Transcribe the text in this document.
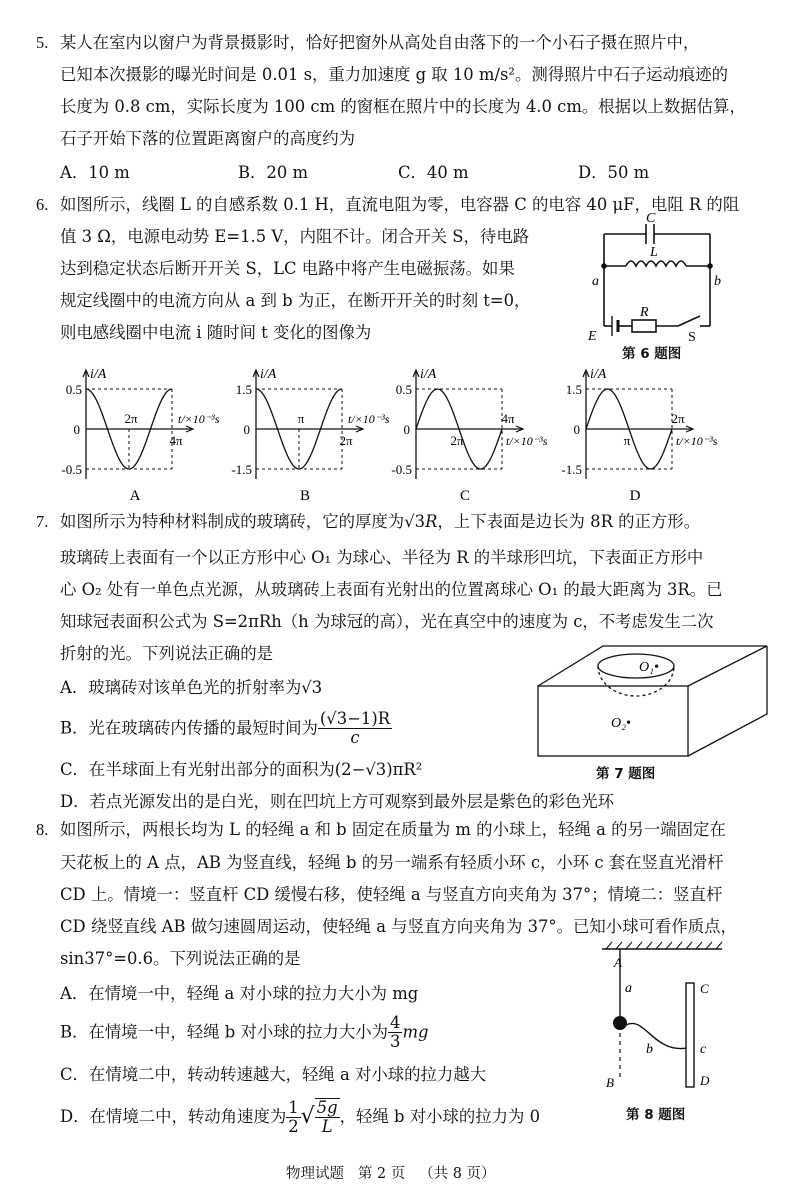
5. 某人在室内以窗户为背景摄影时，恰好把窗外从高处自由落下的一个小石子摄在照片中，
已知本次摄影的曝光时间是 0.01 s，重力加速度 g 取 10 m/s²。测得照片中石子运动痕迹的
长度为 0.8 cm，实际长度为 100 cm 的窗框在照片中的长度为 4.0 cm。根据以上数据估算，
石子开始下落的位置距离窗户的高度约为
A．10 m	B．20 m	C．40 m	D．50 m
6. 如图所示，线圈 L 的自感系数 0.1 H，直流电阻为零，电容器 C 的电容 40 μF，电阻 R 的阻
值 3 Ω，电源电动势 E=1.5 V，内阻不计。闭合开关 S，待电路
达到稳定状态后断开开关 S，LC 电路中将产生电磁振荡。如果
规定线圈中的电流方向从 a 到 b 为正，在断开开关的时刻 t=0，
则电感线圈中电流 i 随时间 t 变化的图像为
C
L
a	b
R
E	S
第 6 题图
i/A
0.5
0
-0.5
2π
4π
t/×10⁻³s
A
i/A
1.5
0
-1.5
π
2π
t/×10⁻³s
B
i/A
0.5
0
-0.5
2π
4π
t/×10⁻³s
C
i/A
1.5
0
-1.5
π
2π
t/×10⁻³s
D
7. 如图所示为特种材料制成的玻璃砖，它的厚度为√3R，上下表面是边长为 8R 的正方形。
玻璃砖上表面有一个以正方形中心 O₁ 为球心、半径为 R 的半球形凹坑，下表面正方形中
心 O₂ 处有一单色点光源，从玻璃砖上表面有光射出的位置离球心 O₁ 的最大距离为 3R。已
知球冠表面积公式为 S=2πRh（h 为球冠的高），光在真空中的速度为 c，不考虑发生二次
折射的光。下列说法正确的是
A．玻璃砖对该单色光的折射率为√3
B．光在玻璃砖内传播的最短时间为 $\frac{(√3-1)R}{c}$
C．在半球面上有光射出部分的面积为(2−√3)πR²
D．若点光源发出的是白光，则在凹坑上方可观察到最外层是紫色的彩色光环
O₁•
O₂•
第 7 题图
8. 如图所示，两根长均为 L 的轻绳 a 和 b 固定在质量为 m 的小球上，轻绳 a 的另一端固定在
天花板上的 A 点，AB 为竖直线，轻绳 b 的另一端系有轻质小环 c，小环 c 套在竖直光滑杆
CD 上。情境一：竖直杆 CD 缓慢右移，使轻绳 a 与竖直方向夹角为 37°；情境二：竖直杆
CD 绕竖直线 AB 做匀速圆周运动，使轻绳 a 与竖直方向夹角为 37°。已知小球可看作质点，
sin37°=0.6。下列说法正确的是
A．在情境一中，轻绳 a 对小球的拉力大小为 mg
B．在情境一中，轻绳 b 对小球的拉力大小为 $\frac{4}{3}$ mg
C．在情境二中，转动转速越大，轻绳 a 对小球的拉力越大
D．在情境二中，转动角速度为 $\frac{1}{2}$ √ $\frac{5g}{L}$ ，轻绳 b 对小球的拉力为 0
A
a
b
B
C
c
D
第 8 题图
物理试题 第 2 页 （共 8 页）
